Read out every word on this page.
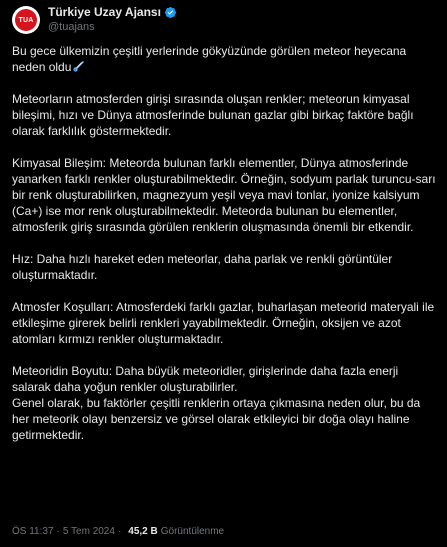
TUA
Türkiye Uzay Ajansı
@tuajans

Bu gece ülkemizin çeşitli yerlerinde gökyüzünde görülen meteor heyecana neden oldu

Meteorların atmosferden girişi sırasında oluşan renkler; meteorun kimyasal bileşimi, hızı ve Dünya atmosferinde bulunan gazlar gibi birkaç faktöre bağlı olarak farklılık göstermektedir.

Kimyasal Bileşim: Meteorda bulunan farklı elementler, Dünya atmosferinde yanarken farklı renkler oluşturabilmektedir. Örneğin, sodyum parlak turuncu-sarı bir renk oluşturabilirken, magnezyum yeşil veya mavi tonlar, iyonize kalsiyum (Ca+) ise mor renk oluşturabilmektedir. Meteorda bulunan bu elementler, atmosferik giriş sırasında görülen renklerin oluşmasında önemli bir etkendir.

Hız: Daha hızlı hareket eden meteorlar, daha parlak ve renkli görüntüler oluşturmaktadır.

Atmosfer Koşulları: Atmosferdeki farklı gazlar, buharlaşan meteorid materyali ile etkileşime girerek belirli renkleri yayabilmektedir. Örneğin, oksijen ve azot atomları kırmızı renkler oluşturmaktadır.

Meteoridin Boyutu: Daha büyük meteoridler, girişlerinde daha fazla enerji salarak daha yoğun renkler oluşturabilirler.

Genel olarak, bu faktörler çeşitli renklerin ortaya çıkmasına neden olur, bu da her meteorik olayı benzersiz ve görsel olarak etkileyici bir doğa olayı haline getirmektedir.

ÖS 11:37 · 5 Tem 2024 · 45,2 B Görüntülenme
